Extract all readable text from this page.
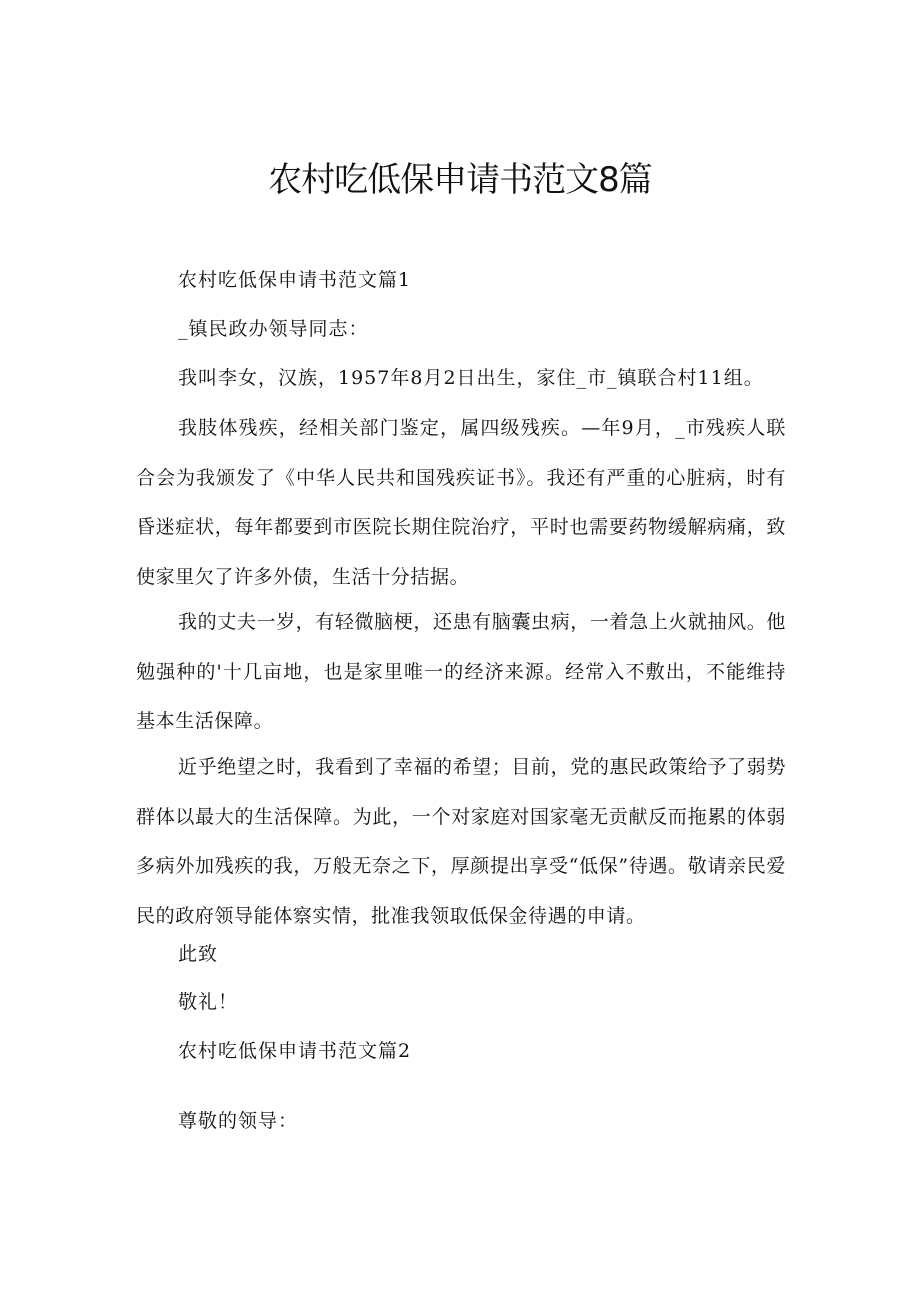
农村吃低保申请书范文8篇
农村吃低保申请书范文篇1
_镇民政办领导同志：
我叫李女，汉族，1957年8月2日出生，家住_市_镇联合村11组。
我肢体残疾，经相关部门鉴定，属四级残疾。—年9月，_市残疾人联合会为我颁发了《中华人民共和国残疾证书》。我还有严重的心脏病，时有昏迷症状，每年都要到市医院长期住院治疗，平时也需要药物缓解病痛，致使家里欠了许多外债，生活十分拮据。
我的丈夫一岁，有轻微脑梗，还患有脑囊虫病，一着急上火就抽风。他勉强种的'十几亩地，也是家里唯一的经济来源。经常入不敷出，不能维持基本生活保障。
近乎绝望之时，我看到了幸福的希望；目前，党的惠民政策给予了弱势群体以最大的生活保障。为此，一个对家庭对国家毫无贡献反而拖累的体弱多病外加残疾的我，万般无奈之下，厚颜提出享受“低保”待遇。敬请亲民爱民的政府领导能体察实情，批准我领取低保金待遇的申请。
此致
敬礼！
农村吃低保申请书范文篇2
尊敬的领导：
